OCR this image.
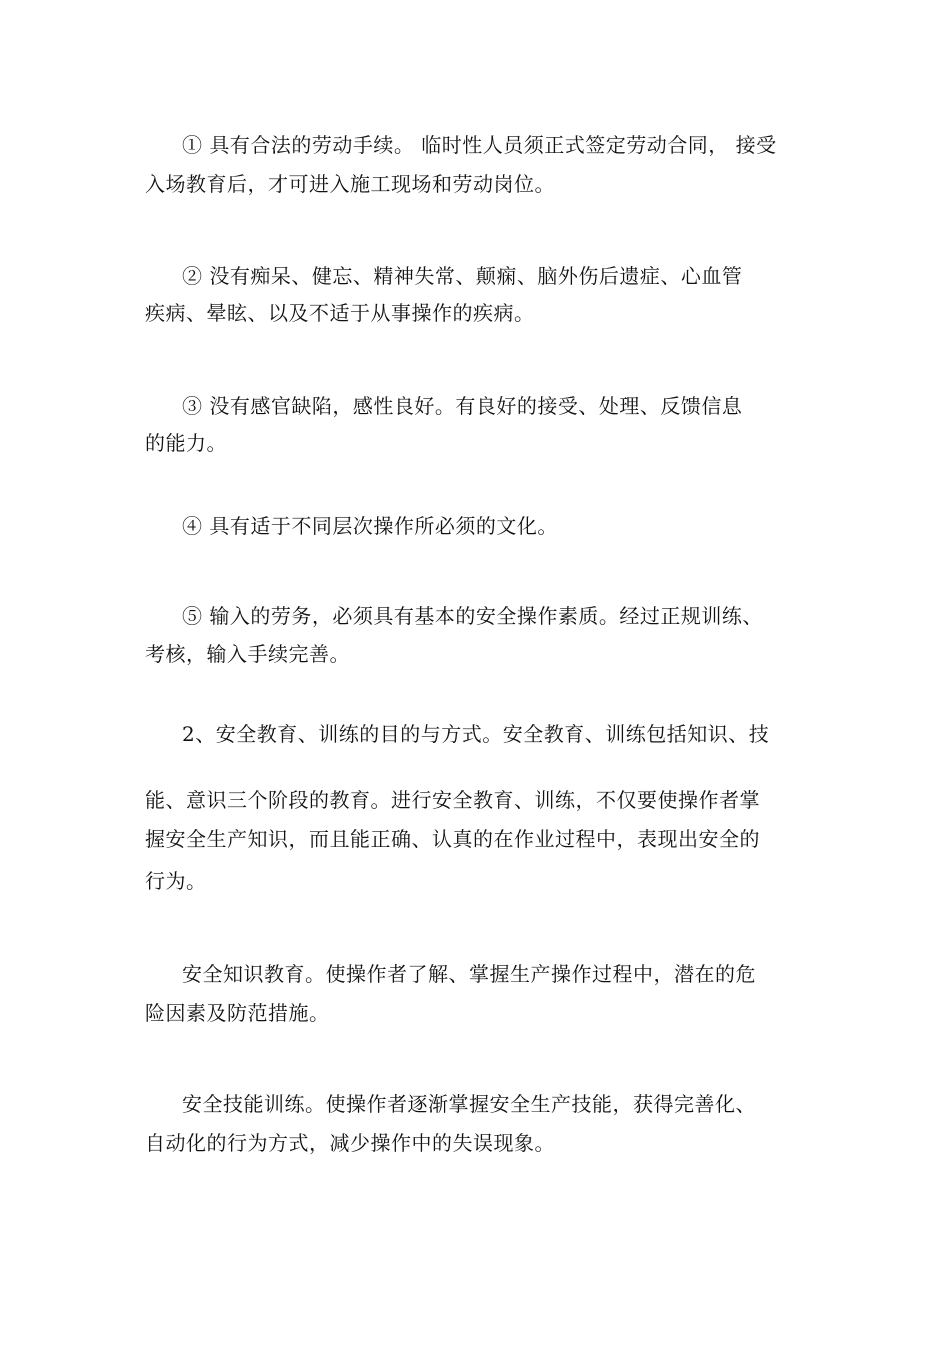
① 具有合法的劳动手续。 临时性人员须正式签定劳动合同， 接受
入场教育后，才可进入施工现场和劳动岗位。
② 没有痴呆、健忘、精神失常、颠痫、脑外伤后遗症、心血管
疾病、晕眩、以及不适于从事操作的疾病。
③ 没有感官缺陷，感性良好。有良好的接受、处理、反馈信息
的能力。
④ 具有适于不同层次操作所必须的文化。
⑤ 输入的劳务，必须具有基本的安全操作素质。经过正规训练、
考核，输入手续完善。
2、安全教育、训练的目的与方式。安全教育、训练包括知识、技
能、意识三个阶段的教育。进行安全教育、训练，不仅要使操作者掌
握安全生产知识，而且能正确、认真的在作业过程中，表现出安全的
行为。
安全知识教育。使操作者了解、掌握生产操作过程中，潜在的危
险因素及防范措施。
安全技能训练。使操作者逐渐掌握安全生产技能，获得完善化、
自动化的行为方式，减少操作中的失误现象。
